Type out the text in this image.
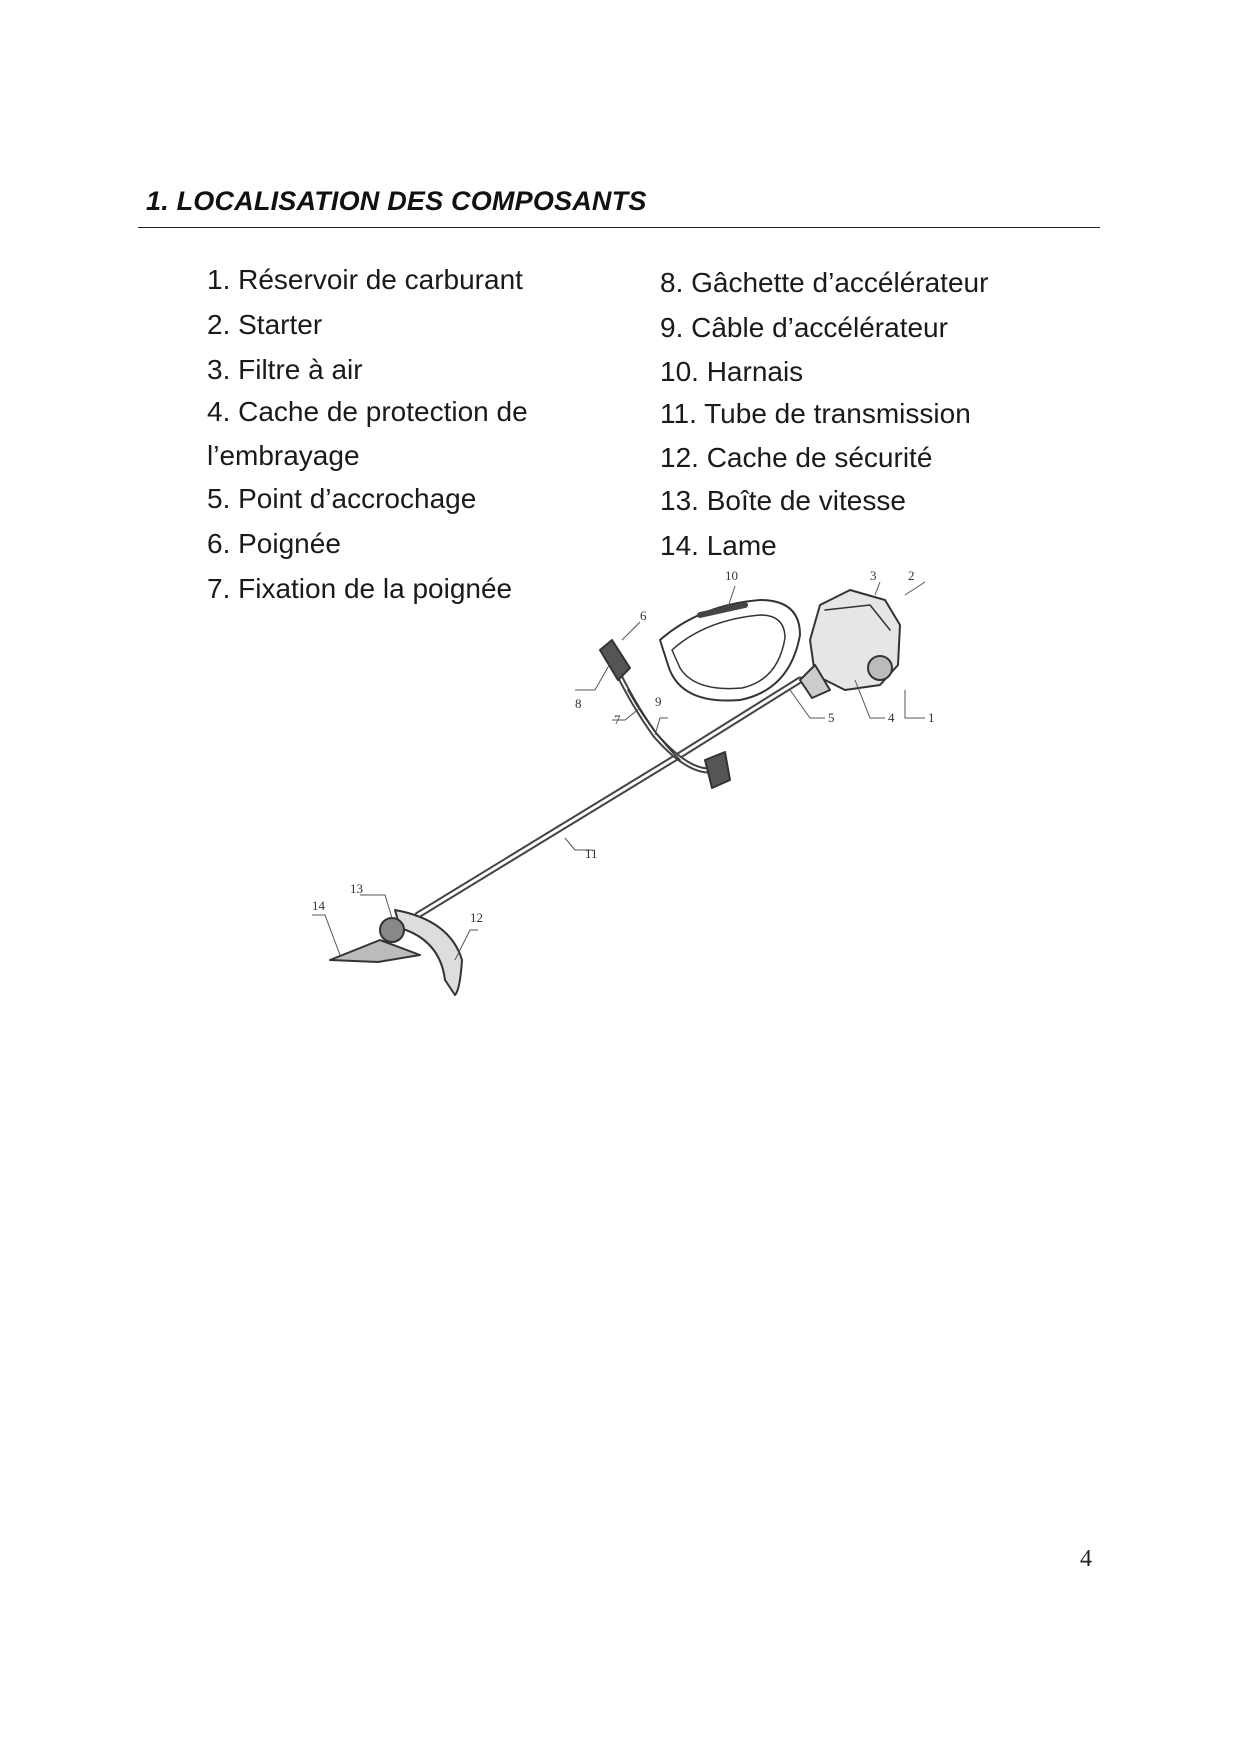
1. LOCALISATION DES COMPOSANTS
1. Réservoir de carburant
2. Starter
3. Filtre à air
4. Cache de protection de
l’embrayage
5. Point d’accrochage
6. Poignée
7. Fixation de la poignée
8. Gâchette d’accélérateur
9. Câble d’accélérateur
10. Harnais
11. Tube de transmission
12. Cache de sécurité
13. Boîte de vitesse
14. Lame
1
2
3
4
5
6
7
8	9
10
11
12
13
14
4
